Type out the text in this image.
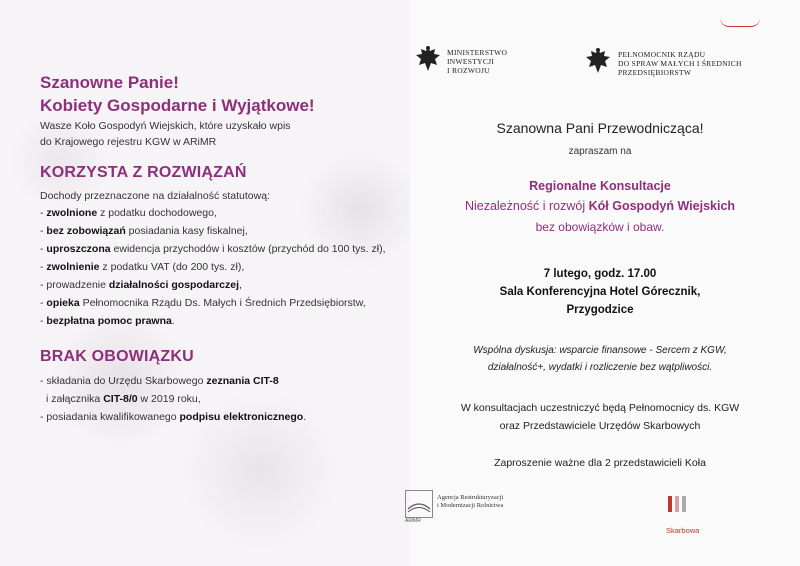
Szanowne Panie!

Kobiety Gospodarne i Wyjątkowe!

Wasze Koło Gospodyń Wiejskich, które uzyskało wpis

do Krajowego rejestru KGW w ARiMR

KORZYSTA Z ROZWIĄZAŃ

Dochody przeznaczone na działalność statutową:

- zwolnione z podatku dochodowego,
- bez zobowiązań posiadania kasy fiskalnej,
- uproszczona ewidencja przychodów i kosztów (przychód do 100 tys. zł),
- zwolnienie z podatku VAT (do 200 tys. zł),
- prowadzenie działalności gospodarczej,
- opieka Pełnomocnika Rządu Ds. Małych i Średnich Przedsiębiorstw,
- bezpłatna pomoc prawna.

BRAK OBOWIĄZKU

- składania do Urzędu Skarbowego zeznania CIT-8
i załącznika CIT-8/0 w 2019 roku,
- posiadania kwalifikowanego podpisu elektronicznego.
MINISTERSTWO
INWESTYCJI
I ROZWOJU
PEŁNOMOCNIK RZĄDU
DO SPRAW MAŁYCH I ŚREDNICH
PRZEDSIĘBIORSTW
Szanowna Pani Przewodnicząca!
zapraszam na
Regionalne Konsultacje
Niezależność i rozwój Kół Gospodyń Wiejskich
bez obowiązków i obaw.
7 lutego, godz. 17.00
Sala Konferencyjna Hotel Górecznik,
Przygodzice
Wspólna dyskusja: wsparcie finansowe - Sercem z KGW,
działalność+, wydatki i rozliczenie bez wątpliwości.
W konsultacjach uczestniczyć będą Pełnomocnicy ds. KGW
oraz Przedstawiciele Urzędów Skarbowych
Zaproszenie ważne dla 2 przedstawicieli Koła
ARiMR
Agencja Restrukturyzacji
i Modernizacji Rolnictwa
Skarbowa
